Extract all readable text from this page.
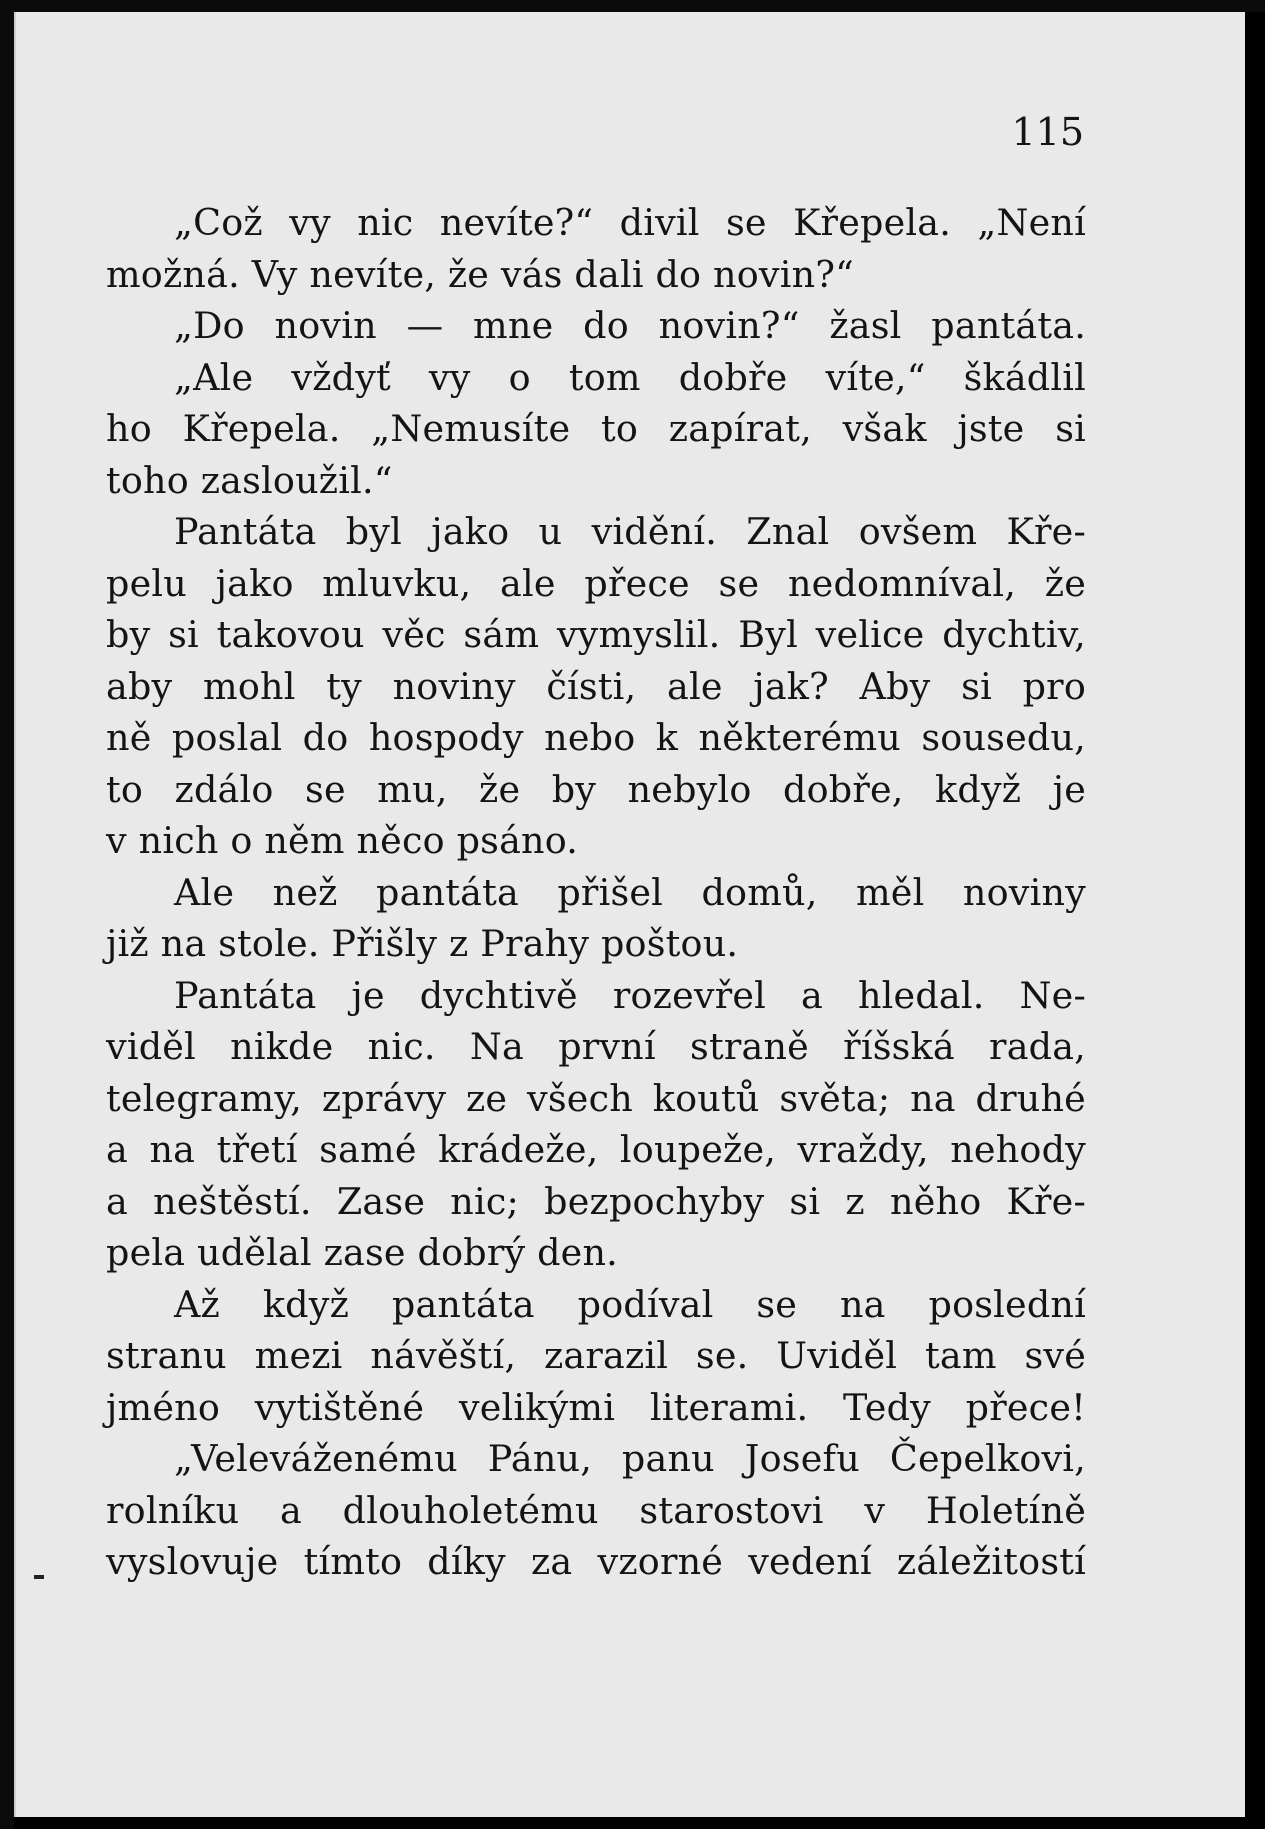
115
„Což vy nic nevíte?“ divil se Křepela. „Není
možná. Vy nevíte, že vás dali do novin?“
„Do novin — mne do novin?“ žasl pantáta.
„Ale vždyť vy o tom dobře víte,“ škádlil
ho Křepela. „Nemusíte to zapírat, však jste si
toho zasloužil.“
Pantáta byl jako u vidění. Znal ovšem Kře-
pelu jako mluvku, ale přece se nedomníval, že
by si takovou věc sám vymyslil. Byl velice dychtiv,
aby mohl ty noviny čísti, ale jak? Aby si pro
ně poslal do hospody nebo k některému sousedu,
to zdálo se mu, že by nebylo dobře, když je
v nich o něm něco psáno.
Ale než pantáta přišel domů, měl noviny
již na stole. Přišly z Prahy poštou.
Pantáta je dychtivě rozevřel a hledal. Ne-
viděl nikde nic. Na první straně říšská rada,
telegramy, zprávy ze všech koutů světa; na druhé
a na třetí samé krádeže, loupeže, vraždy, nehody
a neštěstí. Zase nic; bezpochyby si z něho Kře-
pela udělal zase dobrý den.
Až když pantáta podíval se na poslední
stranu mezi návěští, zarazil se. Uviděl tam své
jméno vytištěné velikými literami. Tedy přece!
„Veleváženému Pánu, panu Josefu Čepelkovi,
rolníku a dlouholetému starostovi v Holetíně
vyslovuje tímto díky za vzorné vedení záležitostí
